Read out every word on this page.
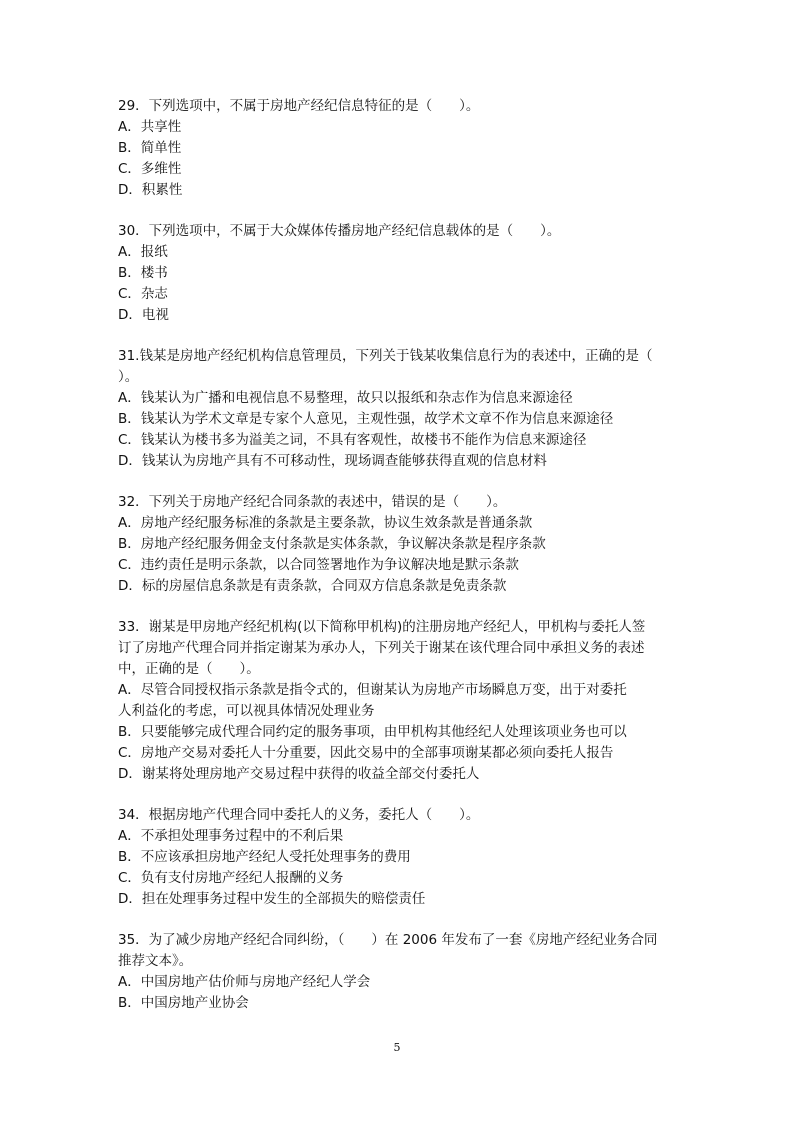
29．下列选项中，不属于房地产经纪信息特征的是（　　）。
A．共享性
B．简单性
C．多维性
D．积累性
30．下列选项中，不属于大众媒体传播房地产经纪信息载体的是（　　）。
A．报纸
B．楼书
C．杂志
D．电视
31.钱某是房地产经纪机构信息管理员，下列关于钱某收集信息行为的表述中，正确的是（
）。
A．钱某认为广播和电视信息不易整理，故只以报纸和杂志作为信息来源途径
B．钱某认为学术文章是专家个人意见，主观性强，故学术文章不作为信息来源途径
C．钱某认为楼书多为溢美之词，不具有客观性，故楼书不能作为信息来源途径
D．钱某认为房地产具有不可移动性，现场调查能够获得直观的信息材料
32．下列关于房地产经纪合同条款的表述中，错误的是（　　）。
A．房地产经纪服务标准的条款是主要条款，协议生效条款是普通条款
B．房地产经纪服务佣金支付条款是实体条款，争议解决条款是程序条款
C．违约责任是明示条款，以合同签署地作为争议解决地是默示条款
D．标的房屋信息条款是有责条款，合同双方信息条款是免责条款
33．谢某是甲房地产经纪机构(以下简称甲机构)的注册房地产经纪人，甲机构与委托人签
订了房地产代理合同并指定谢某为承办人，下列关于谢某在该代理合同中承担义务的表述
中，正确的是（　　）。
A．尽管合同授权指示条款是指令式的，但谢某认为房地产市场瞬息万变，出于对委托
人利益化的考虑，可以视具体情况处理业务
B．只要能够完成代理合同约定的服务事项，由甲机构其他经纪人处理该项业务也可以
C．房地产交易对委托人十分重要，因此交易中的全部事项谢某都必须向委托人报告
D．谢某将处理房地产交易过程中获得的收益全部交付委托人
34．根据房地产代理合同中委托人的义务，委托人（　　）。
A．不承担处理事务过程中的不利后果
B．不应该承担房地产经纪人受托处理事务的费用
C．负有支付房地产经纪人报酬的义务
D．担在处理事务过程中发生的全部损失的赔偿责任
35．为了减少房地产经纪合同纠纷，（　　）在 2006 年发布了一套《房地产经纪业务合同
推荐文本》。
A．中国房地产估价师与房地产经纪人学会
B．中国房地产业协会
5
